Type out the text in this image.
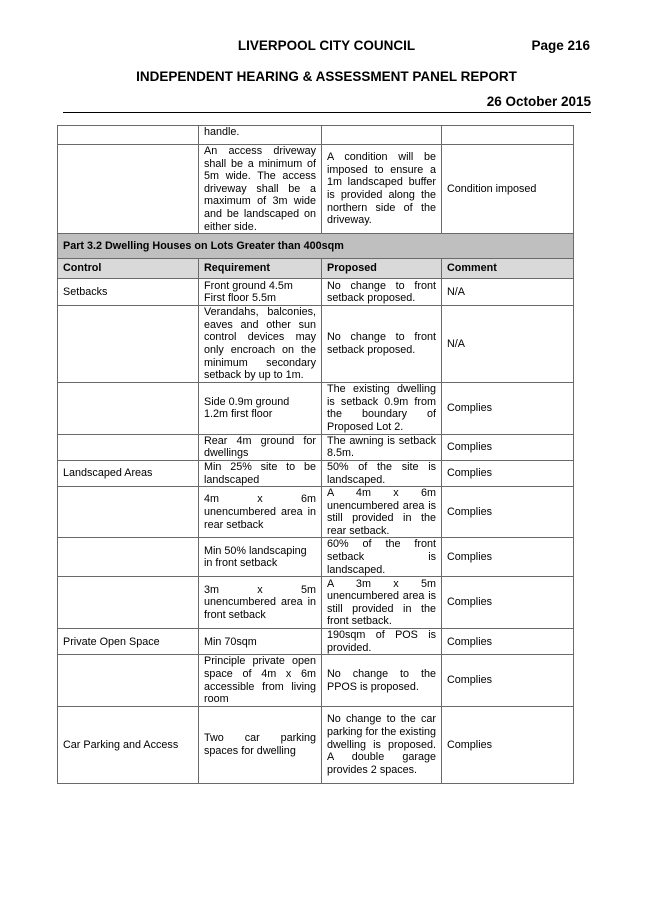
LIVERPOOL CITY COUNCIL	Page 216
INDEPENDENT HEARING & ASSESSMENT PANEL REPORT
26 October 2015
	handle.		
	An access driveway shall be a minimum of 5m wide. The access driveway shall be a maximum of 3m wide and be landscaped on either side.	A condition will be imposed to ensure a 1m landscaped buffer is provided along the northern side of the driveway.	Condition imposed
Part 3.2 Dwelling Houses on Lots Greater than 400sqm			
Control	Requirement	Proposed	Comment
Setbacks	Front ground 4.5m First floor 5.5m	No change to front setback proposed.	N/A
	Verandahs, balconies, eaves and other sun control devices may only encroach on the minimum secondary setback by up to 1m.	No change to front setback proposed.	N/A

	Side 0.9m ground 1.2m first floor	The existing dwelling is setback 0.9m from the boundary of Proposed Lot 2.	Complies
	Rear 4m ground for dwellings	The awning is setback 8.5m.	Complies
Landscaped Areas	Min 25% site to be landscaped	50% of the site is landscaped.	Complies
	4m x 6m unencumbered area in rear setback	A 4m x 6m unencumbered area is still provided in the rear setback.	Complies
	Min 50% landscaping in front setback	60% of the front setback is landscaped.	Complies
	3m x 5m unencumbered area in front setback	A 3m x 5m unencumbered area is still provided in the front setback.	Complies
Private Open Space	Min 70sqm	190sqm of POS is provided.	Complies
	Principle private open space of 4m x 6m accessible from living room	No change to the PPOS is proposed.	Complies
Car Parking and Access	Two car parking spaces for dwelling	No change to the car parking for the existing dwelling is proposed. A double garage provides 2 spaces.	Complies
